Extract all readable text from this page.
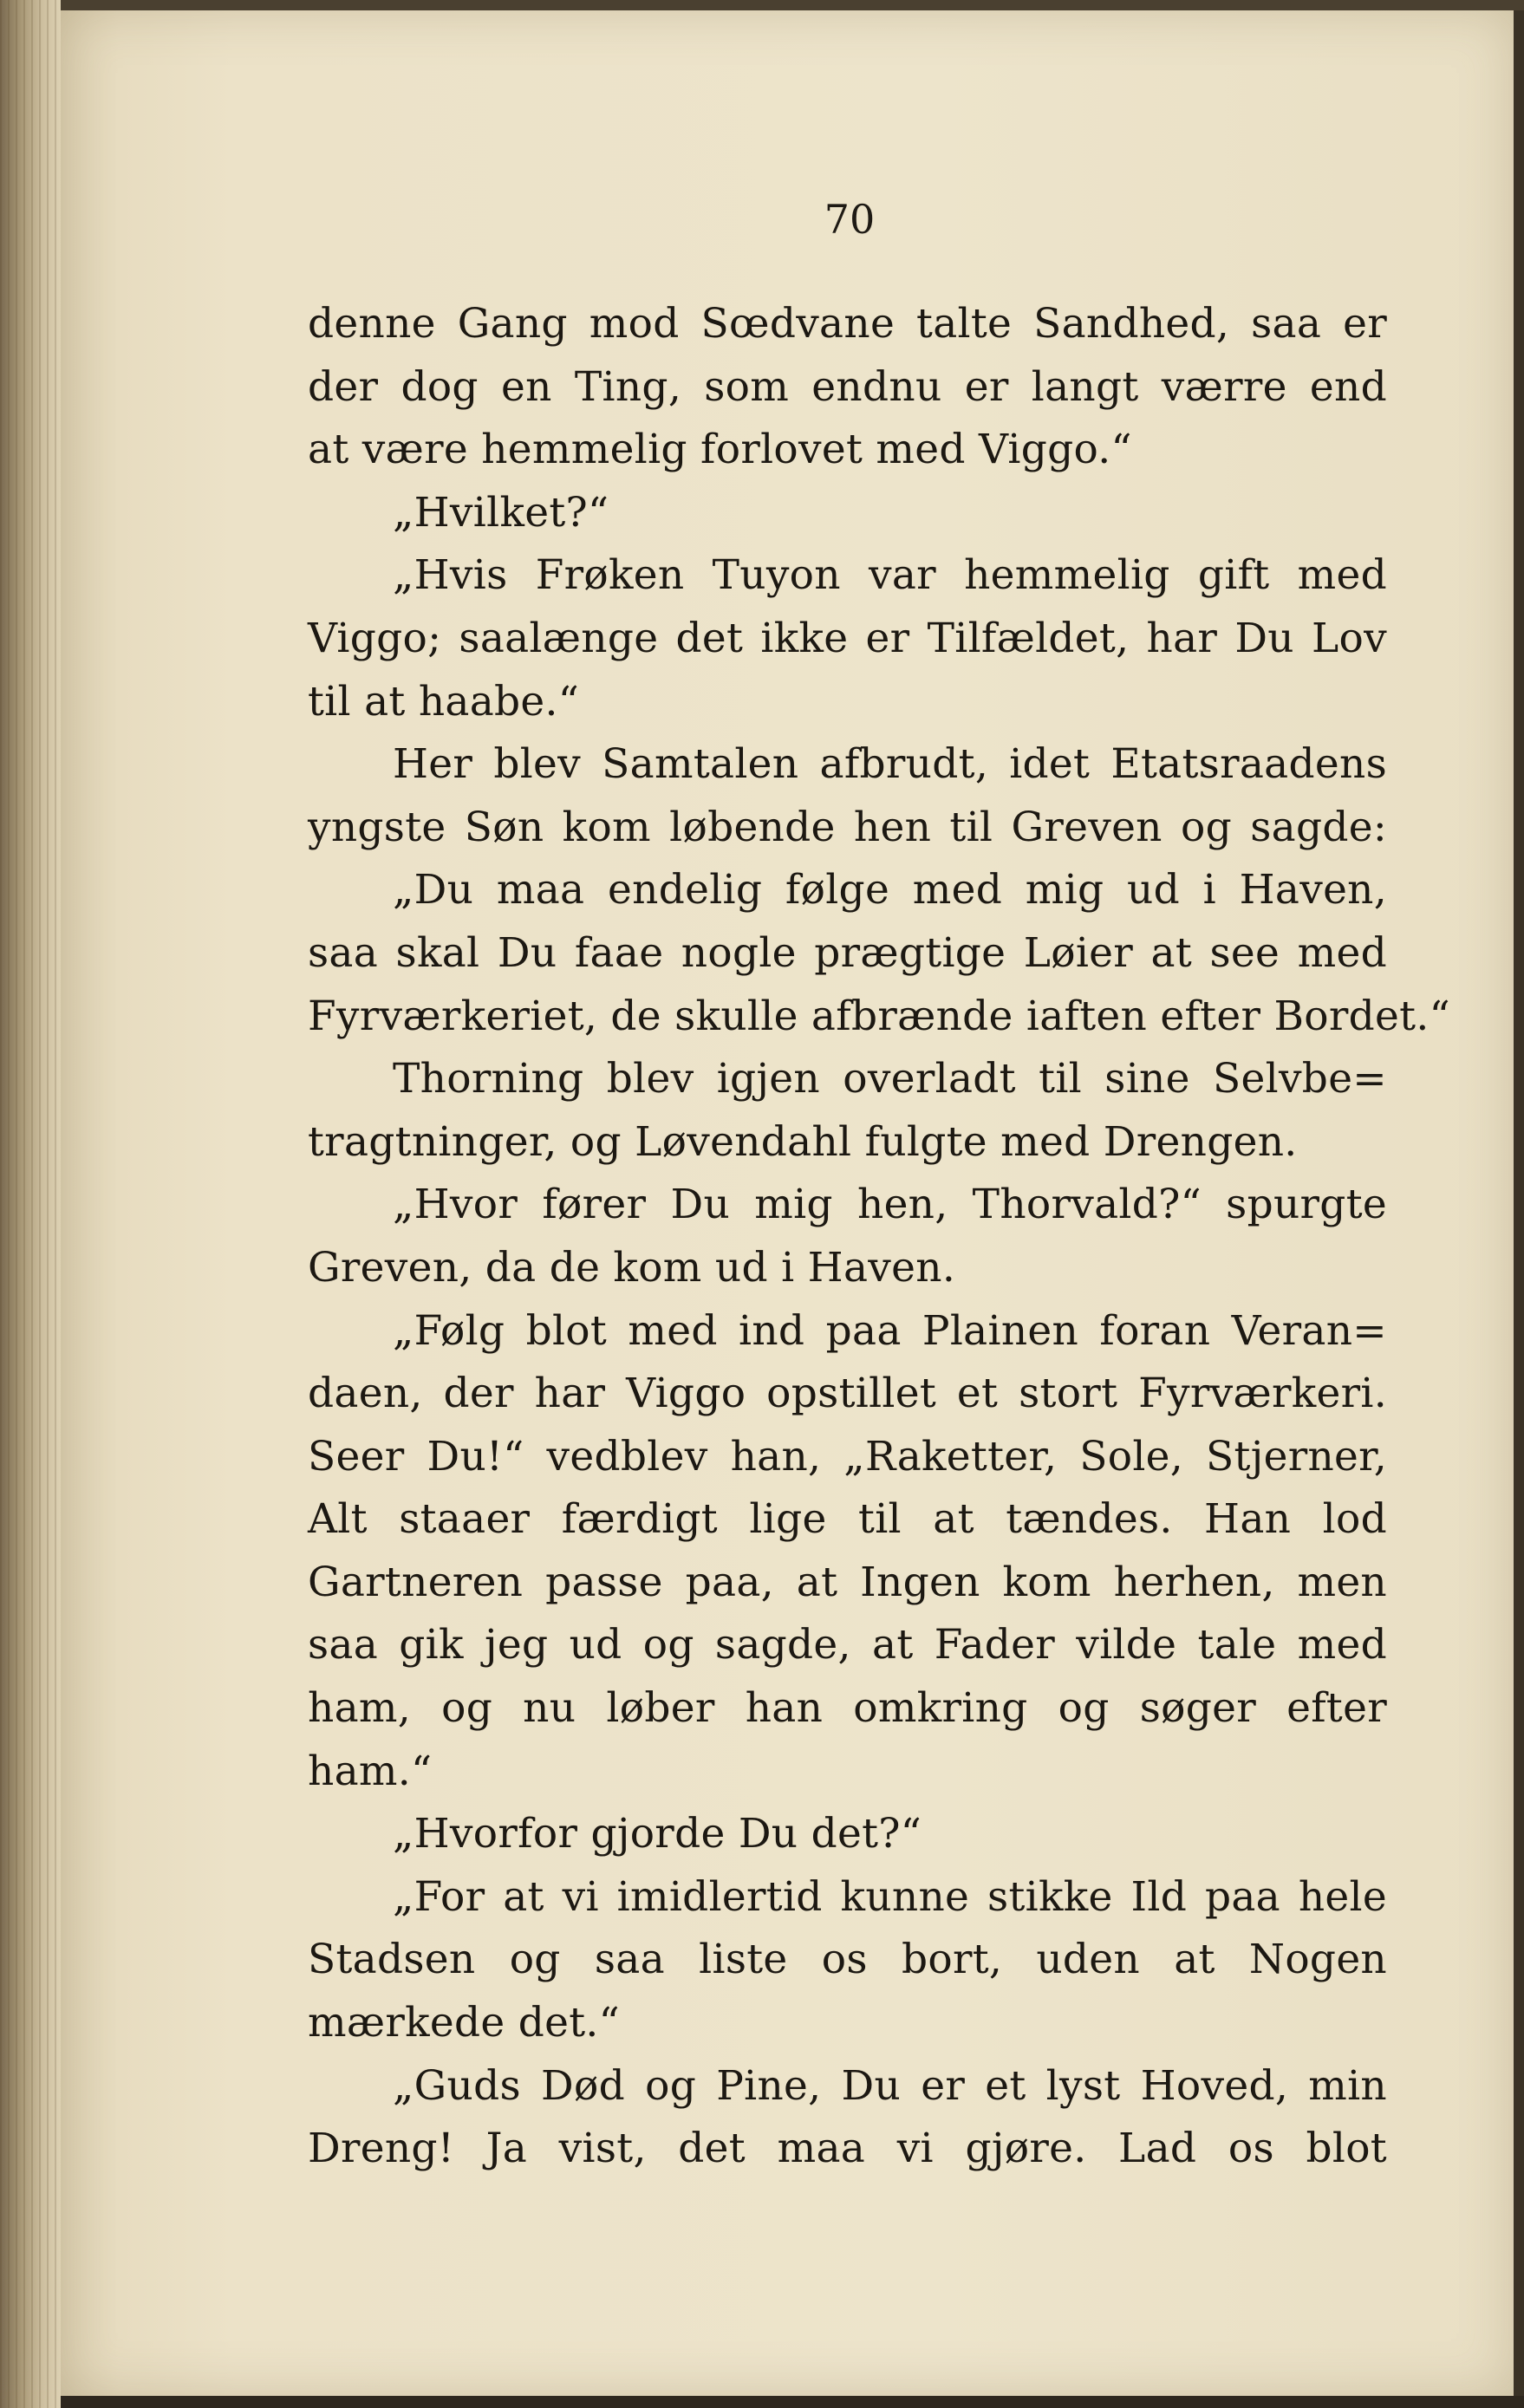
70
denne Gang mod Sœdvane talte Sandhed, saa er
der dog en Ting, som endnu er langt værre end
at være hemmelig forlovet med Viggo.“
„Hvilket?“
„Hvis Frøken Tuyon var hemmelig gift med
Viggo; saalænge det ikke er Tilfældet, har Du Lov
til at haabe.“
Her blev Samtalen afbrudt, idet Etatsraadens
yngste Søn kom løbende hen til Greven og sagde:
„Du maa endelig følge med mig ud i Haven,
saa skal Du faae nogle prægtige Løier at see med
Fyrværkeriet, de skulle afbrænde iaften efter Bordet.“
Thorning blev igjen overladt til sine Selvbe=
tragtninger, og Løvendahl fulgte med Drengen.
„Hvor fører Du mig hen, Thorvald?“ spurgte
Greven, da de kom ud i Haven.
„Følg blot med ind paa Plainen foran Veran=
daen, der har Viggo opstillet et stort Fyrværkeri.
Seer Du!“ vedblev han, „Raketter, Sole, Stjerner,
Alt staaer færdigt lige til at tændes. Han lod
Gartneren passe paa, at Ingen kom herhen, men
saa gik jeg ud og sagde, at Fader vilde tale med
ham, og nu løber han omkring og søger efter
ham.“
„Hvorfor gjorde Du det?“
„For at vi imidlertid kunne stikke Ild paa hele
Stadsen og saa liste os bort, uden at Nogen
mærkede det.“
„Guds Død og Pine, Du er et lyst Hoved, min
Dreng! Ja vist, det maa vi gjøre. Lad os blot
